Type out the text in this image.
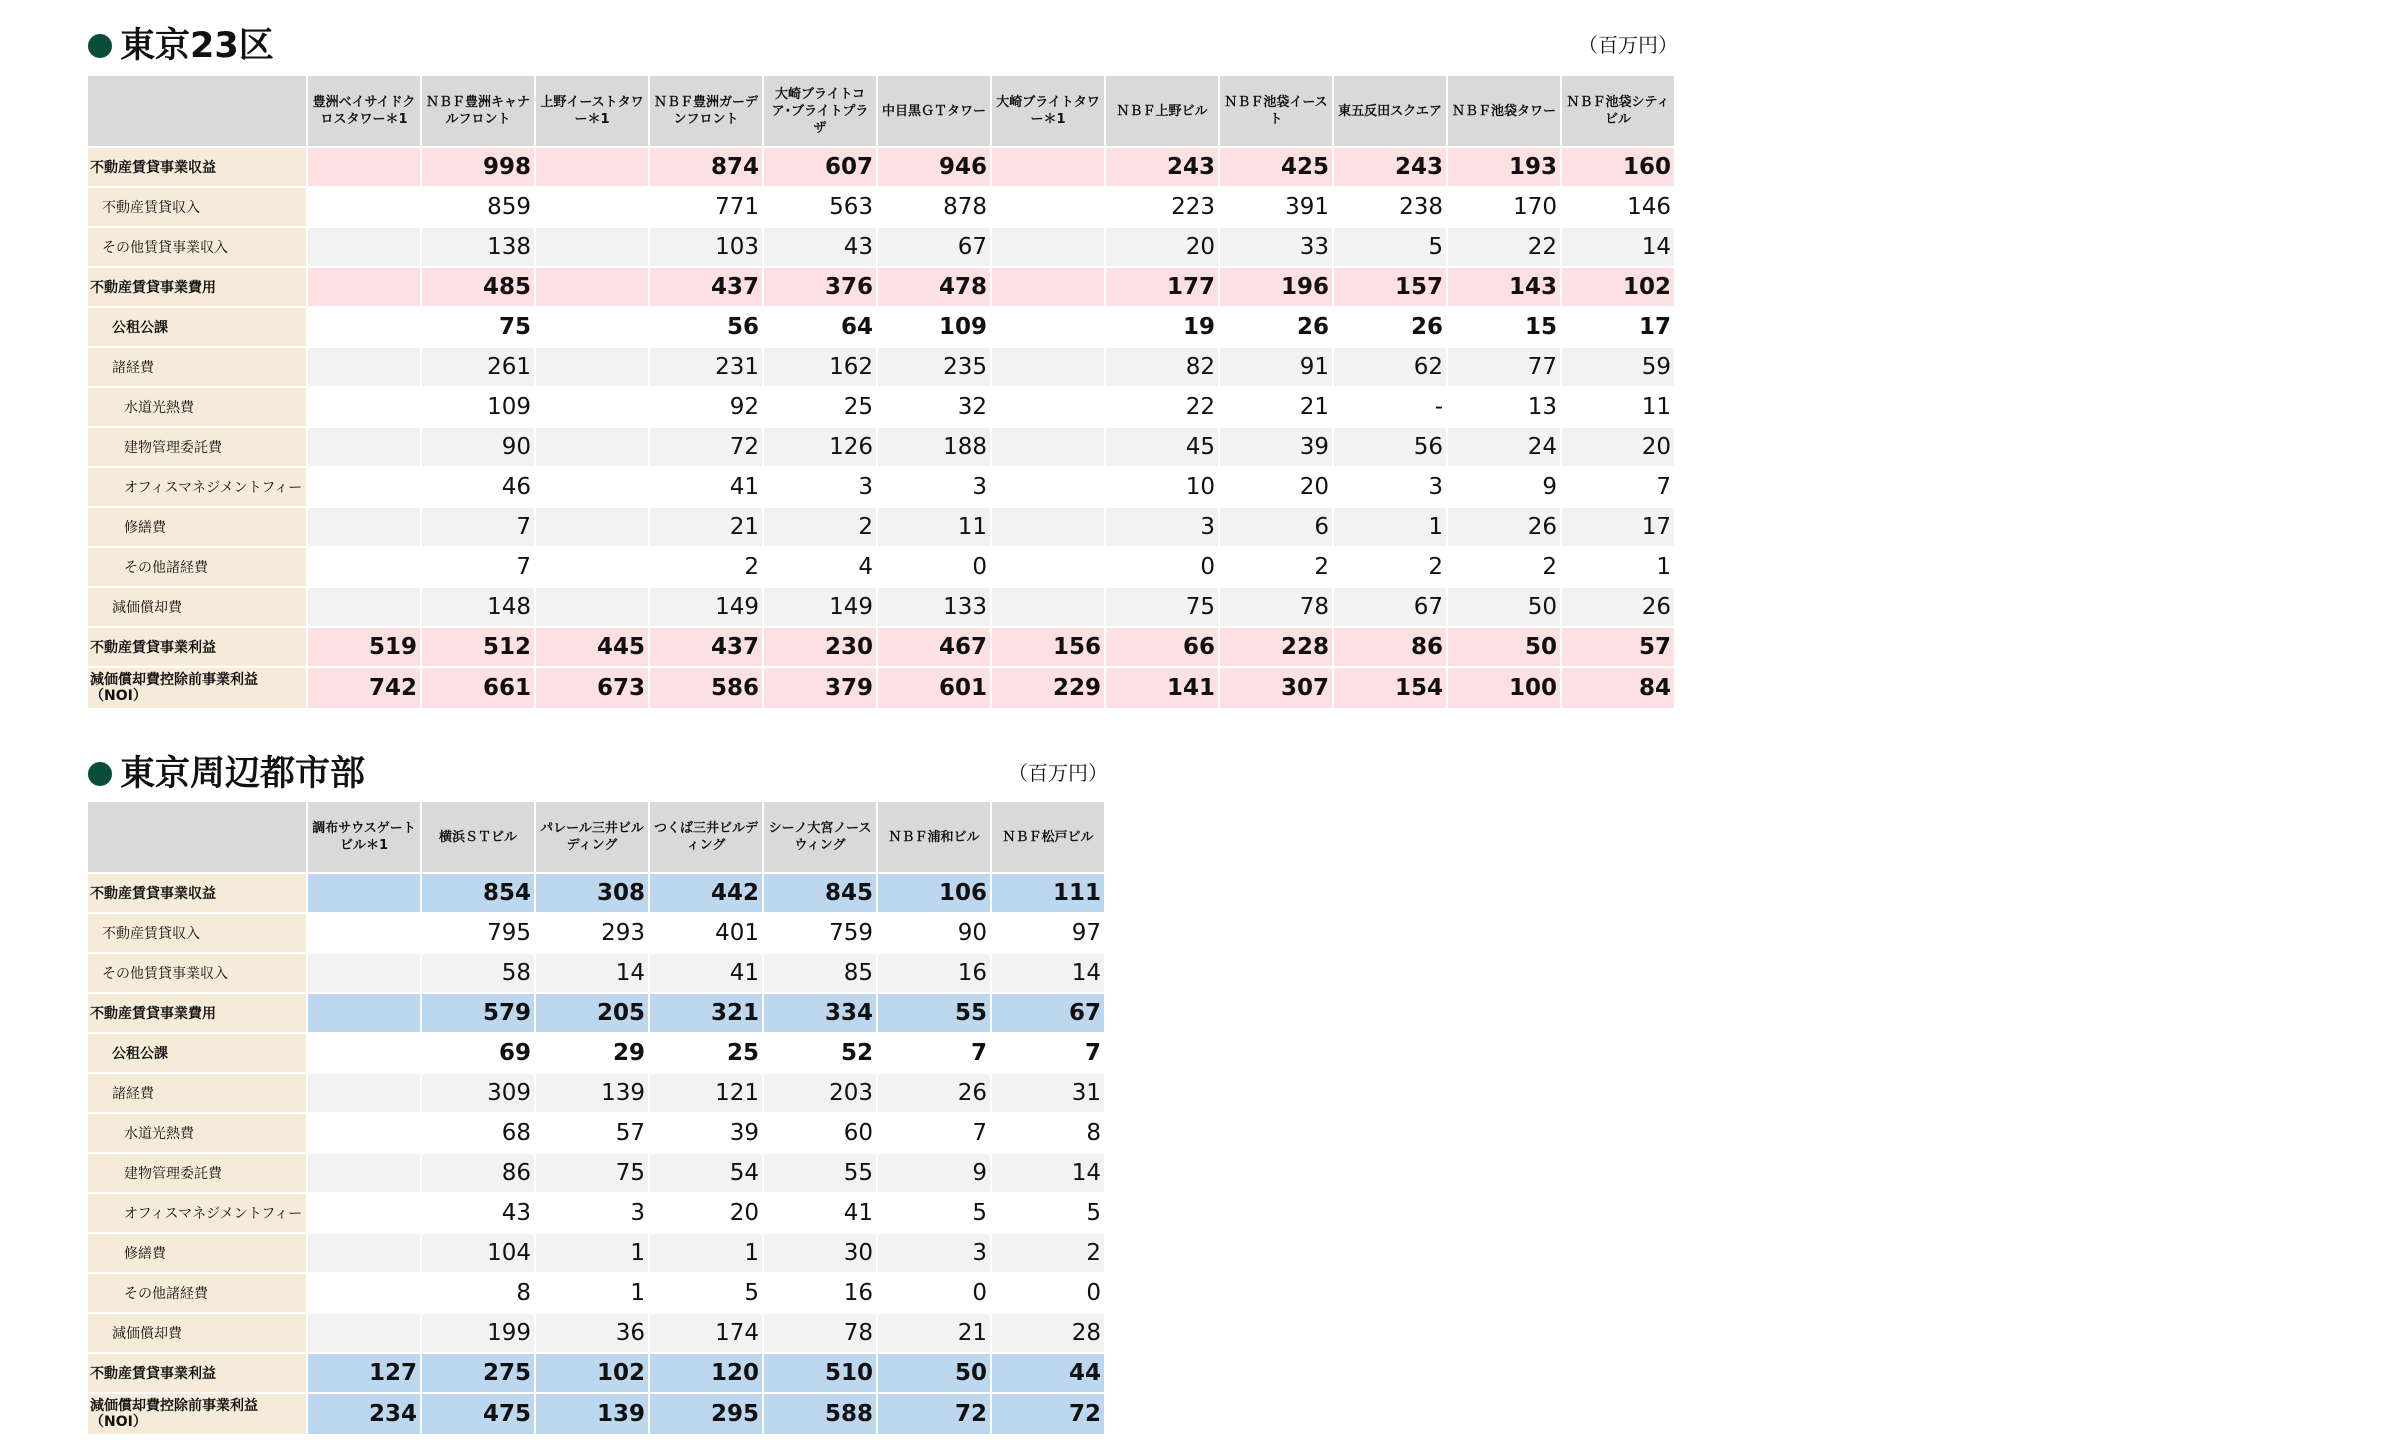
東京23区	（百万円）
	豊洲ベイサイドクロスタワー＊1	ＮＢＦ豊洲キャナルフロント	上野イーストタワー＊1	ＮＢＦ豊洲ガーデンフロント	大崎ブライトコア･ブライトプラザ	中目黒ＧＴタワー	大崎ブライトタワー＊1	ＮＢＦ上野ビル	ＮＢＦ池袋イースト	東五反田スクエア	ＮＢＦ池袋タワー	ＮＢＦ池袋シティビル
不動産賃貸事業収益		998		874	607	946		243	425	243	193	160
不動産賃貸収入		859		771	563	878		223	391	238	170	146
その他賃貸事業収入		138		103	43	67		20	33	5	22	14
不動産賃貸事業費用		485		437	376	478		177	196	157	143	102
公租公課		75		56	64	109		19	26	26	15	17
諸経費		261		231	162	235		82	91	62	77	59
水道光熱費		109		92	25	32		22	21	-	13	11
建物管理委託費		90		72	126	188		45	39	56	24	20
オフィスマネジメントフィー		46		41	3	3		10	20	3	9	7
修繕費		7		21	2	11		3	6	1	26	17
その他諸経費		7		2	4	0		0	2	2	2	1
減価償却費		148		149	149	133		75	78	67	50	26
不動産賃貸事業利益	519	512	445	437	230	467	156	66	228	86	50	57
減価償却費控除前事業利益（NOI）	742	661	673	586	379	601	229	141	307	154	100	84
東京周辺都市部	（百万円）
	調布サウスゲートビル＊1	横浜ＳＴビル	パレール三井ビルディング	つくば三井ビルディング	シーノ大宮ノースウィング	ＮＢＦ浦和ビル	ＮＢＦ松戸ビル
不動産賃貸事業収益		854	308	442	845	106	111
不動産賃貸収入		795	293	401	759	90	97
その他賃貸事業収入		58	14	41	85	16	14
不動産賃貸事業費用		579	205	321	334	55	67
公租公課		69	29	25	52	7	7
諸経費		309	139	121	203	26	31
水道光熱費		68	57	39	60	7	8
建物管理委託費		86	75	54	55	9	14
オフィスマネジメントフィー		43	3	20	41	5	5
修繕費		104	1	1	30	3	2
その他諸経費		8	1	5	16	0	0
減価償却費		199	36	174	78	21	28
不動産賃貸事業利益	127	275	102	120	510	50	44
減価償却費控除前事業利益（NOI）	234	475	139	295	588	72	72
